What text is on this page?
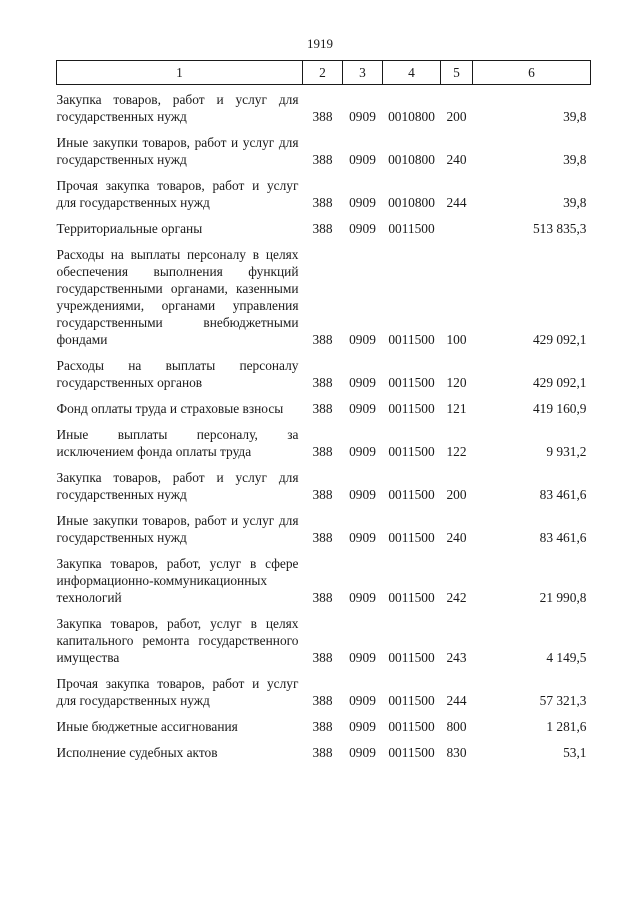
1919
1	2	3	4	5	6
Закупка товаров, работ и услуг для государственных нужд	388	0909	0010800	200	39,8
Иные закупки товаров, работ и услуг для государственных нужд	388	0909	0010800	240	39,8
Прочая закупка товаров, работ и услуг для государственных нужд	388	0909	0010800	244	39,8
Территориальные органы	388	0909	0011500		513 835,3
Расходы на выплаты персоналу в целях обеспечения выполнения функций государственными органами, казенными учреждениями, органами управления государственными внебюджетными фондами	388	0909	0011500	100	429 092,1
Расходы на выплаты персоналу государственных органов	388	0909	0011500	120	429 092,1
Фонд оплаты труда и страховые взносы	388	0909	0011500	121	419 160,9
Иные выплаты персоналу, за исключением фонда оплаты труда	388	0909	0011500	122	9 931,2
Закупка товаров, работ и услуг для государственных нужд	388	0909	0011500	200	83 461,6
Иные закупки товаров, работ и услуг для государственных нужд	388	0909	0011500	240	83 461,6
Закупка товаров, работ, услуг в сфере информационно-коммуникационных технологий	388	0909	0011500	242	21 990,8
Закупка товаров, работ, услуг в целях капитального ремонта государственного имущества	388	0909	0011500	243	4 149,5
Прочая закупка товаров, работ и услуг для государственных нужд	388	0909	0011500	244	57 321,3
Иные бюджетные ассигнования	388	0909	0011500	800	1 281,6
Исполнение судебных актов	388	0909	0011500	830	53,1
